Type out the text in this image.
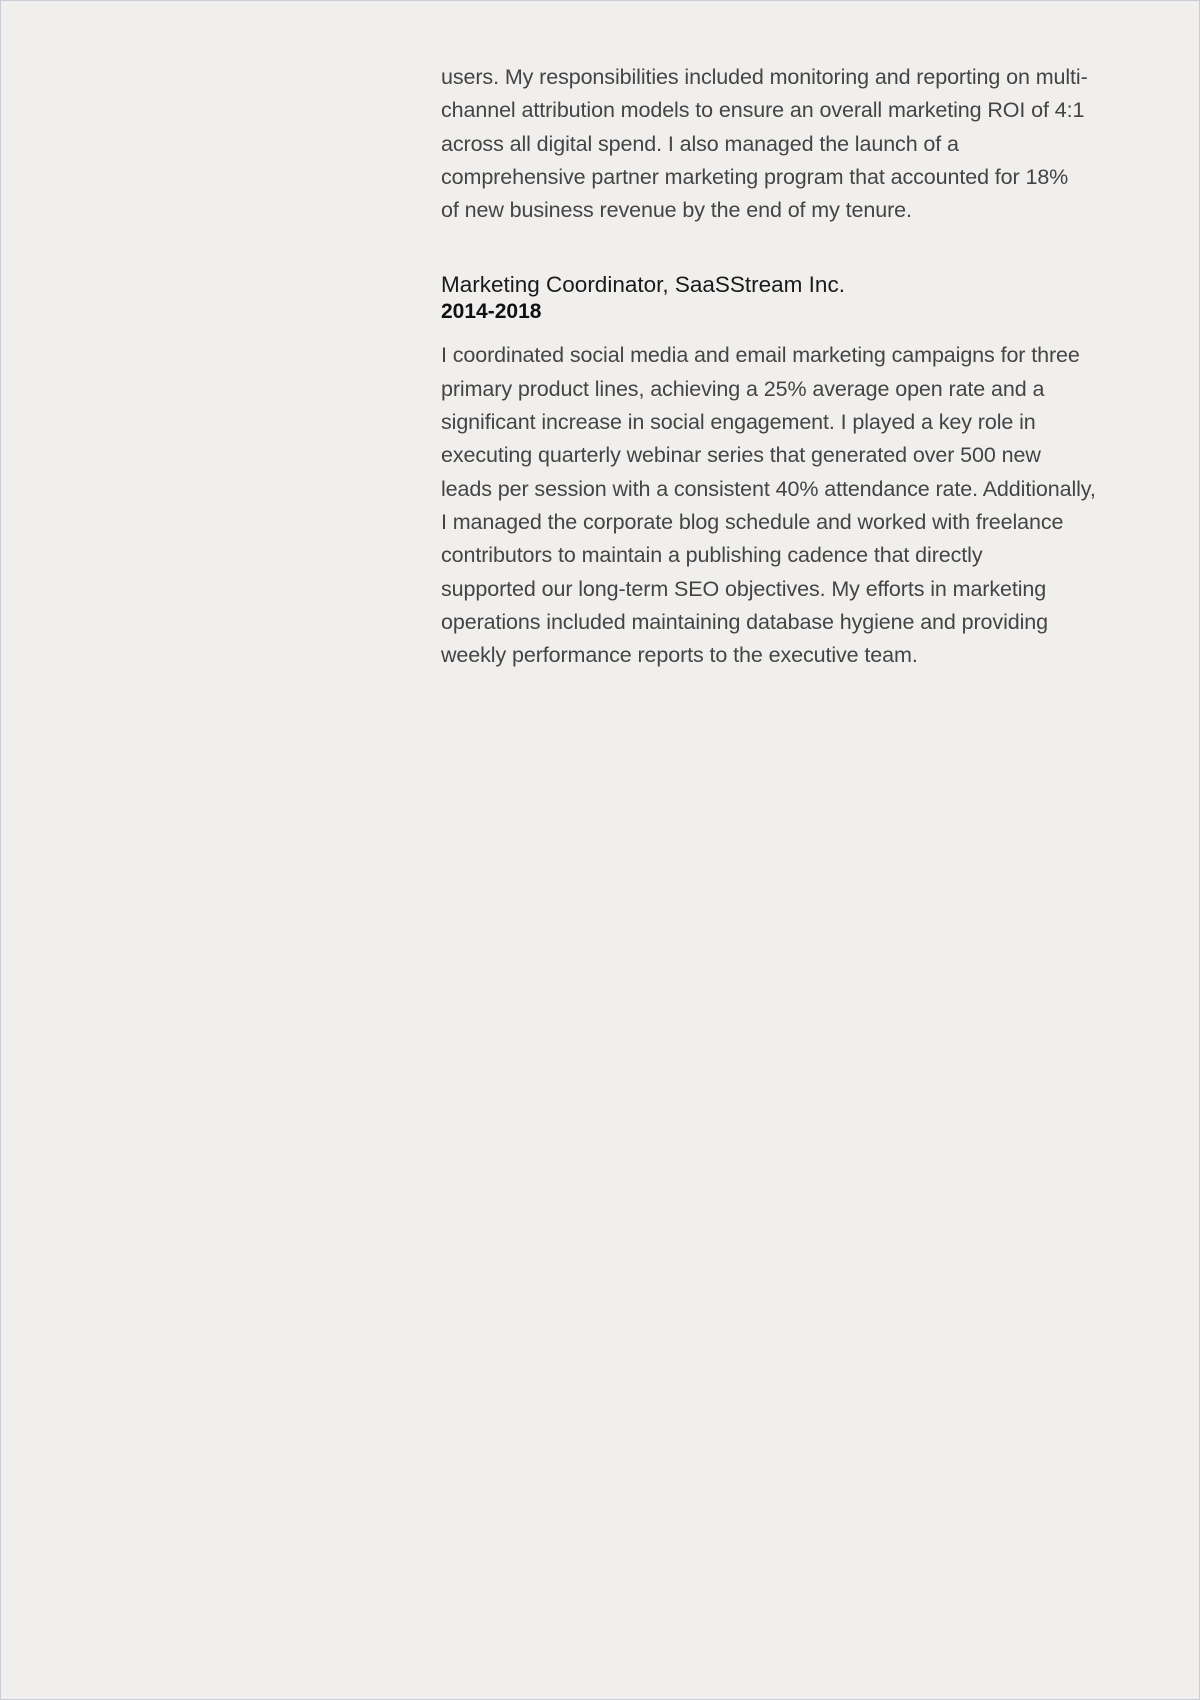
users. My responsibilities included monitoring and reporting on multi-
channel attribution models to ensure an overall marketing ROI of 4:1
across all digital spend. I also managed the launch of a
comprehensive partner marketing program that accounted for 18%
of new business revenue by the end of my tenure.

Marketing Coordinator, SaaSStream Inc.

2014-2018

I coordinated social media and email marketing campaigns for three
primary product lines, achieving a 25% average open rate and a
significant increase in social engagement. I played a key role in
executing quarterly webinar series that generated over 500 new
leads per session with a consistent 40% attendance rate. Additionally,
I managed the corporate blog schedule and worked with freelance
contributors to maintain a publishing cadence that directly
supported our long-term SEO objectives. My efforts in marketing
operations included maintaining database hygiene and providing
weekly performance reports to the executive team.
